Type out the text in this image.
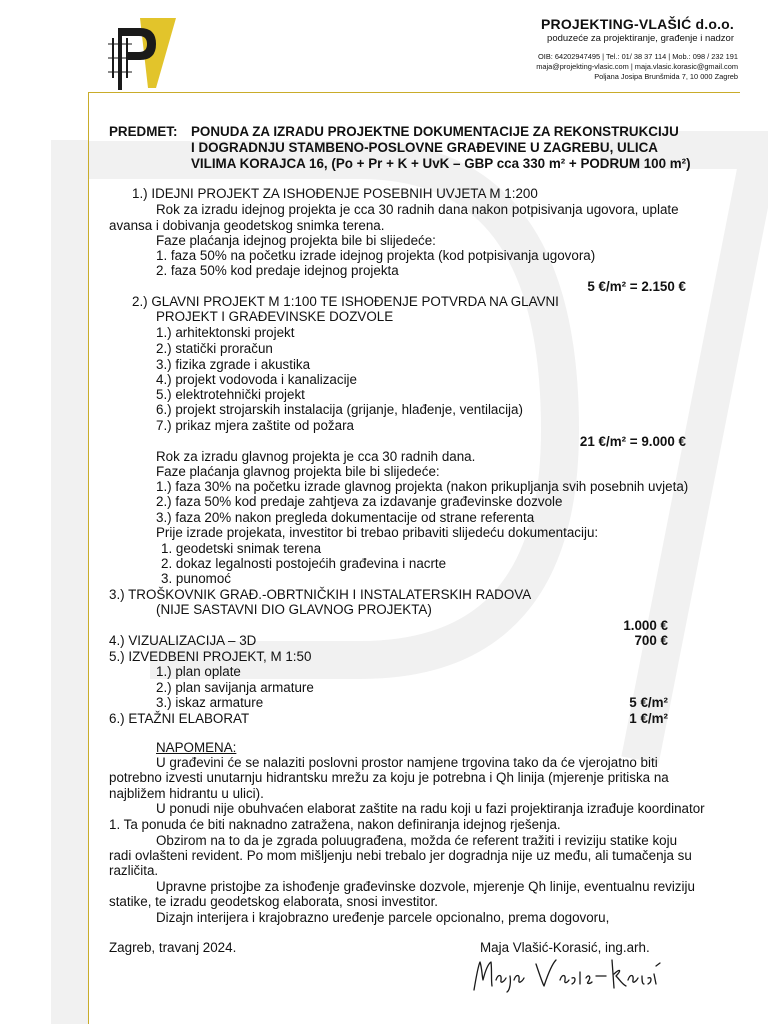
PROJEKTING-VLAŠIĆ d.o.o.
poduzeće za projektiranje, građenje i nadzor
OIB: 64202947495 | Tel.: 01/ 38 37 114 | Mob.: 098 / 232 191
maja@projekting-vlasic.com | maja.vlasic.korasic@gmail.com
Poljana Josipa Brunšmida 7, 10 000 Zagreb
PREDMET: PONUDA ZA IZRADU PROJEKTNE DOKUMENTACIJE ZA REKONSTRUKCIJU
I DOGRADNJU STAMBENO-POSLOVNE GRAĐEVINE U ZAGREBU, ULICA
VILIMA KORAJCA 16, (Po + Pr + K + UvK – GBP cca 330 m² + PODRUM 100 m²)
1.) IDEJNI PROJEKT ZA ISHOĐENJE POSEBNIH UVJETA M 1:200
Rok za izradu idejnog projekta je cca 30 radnih dana nakon potpisivanja ugovora, uplate
avansa i dobivanja geodetskog snimka terena.
Faze plaćanja idejnog projekta bile bi slijedeće:
1. faza 50% na početku izrade idejnog projekta (kod potpisivanja ugovora)
2. faza 50% kod predaje idejnog projekta
5 €/m² = 2.150 €
2.) GLAVNI PROJEKT M 1:100 TE ISHOĐENJE POTVRDA NA GLAVNI
PROJEKT I GRAĐEVINSKE DOZVOLE
1.) arhitektonski projekt
2.) statički proračun
3.) fizika zgrade i akustika
4.) projekt vodovoda i kanalizacije
5.) elektrotehnički projekt
6.) projekt strojarskih instalacija (grijanje, hlađenje, ventilacija)
7.) prikaz mjera zaštite od požara
21 €/m² = 9.000 €
Rok za izradu glavnog projekta je cca 30 radnih dana.
Faze plaćanja glavnog projekta bile bi slijedeće:
1.) faza 30% na početku izrade glavnog projekta (nakon prikupljanja svih posebnih uvjeta)
2.) faza 50% kod predaje zahtjeva za izdavanje građevinske dozvole
3.) faza 20% nakon pregleda dokumentacije od strane referenta
Prije izrade projekata, investitor bi trebao pribaviti slijedeću dokumentaciju:
1. geodetski snimak terena
2. dokaz legalnosti postojećih građevina i nacrte
3. punomoć
3.) TROŠKOVNIK GRAĐ.-OBRTNIČKIH I INSTALATERSKIH RADOVA
(NIJE SASTAVNI DIO GLAVNOG PROJEKTA)
1.000 €
4.) VIZUALIZACIJA – 3D	700 €
5.) IZVEDBENI PROJEKT, M 1:50
1.) plan oplate
2.) plan savijanja armature
3.) iskaz armature	5 €/m²
6.) ETAŽNI ELABORAT	1 €/m²
NAPOMENA:
U građevini će se nalaziti poslovni prostor namjene trgovina tako da će vjerojatno biti
potrebno izvesti unutarnju hidrantsku mrežu za koju je potrebna i Qh linija (mjerenje pritiska na
najbližem hidrantu u ulici).
U ponudi nije obuhvaćen elaborat zaštite na radu koji u fazi projektiranja izrađuje koordinator
1. Ta ponuda će biti naknadno zatražena, nakon definiranja idejnog rješenja.
Obzirom na to da je zgrada poluugrađena, možda će referent tražiti i reviziju statike koju
radi ovlašteni revident. Po mom mišljenju nebi trebalo jer dogradnja nije uz među, ali tumačenja su
različita.
Upravne pristojbe za ishođenje građevinske dozvole, mjerenje Qh linije, eventualnu reviziju
statike, te izradu geodetskog elaborata, snosi investitor.
Dizajn interijera i krajobrazno uređenje parcele opcionalno, prema dogovoru,
Zagreb, travanj 2024.	Maja Vlašić-Korasić, ing.arh.
